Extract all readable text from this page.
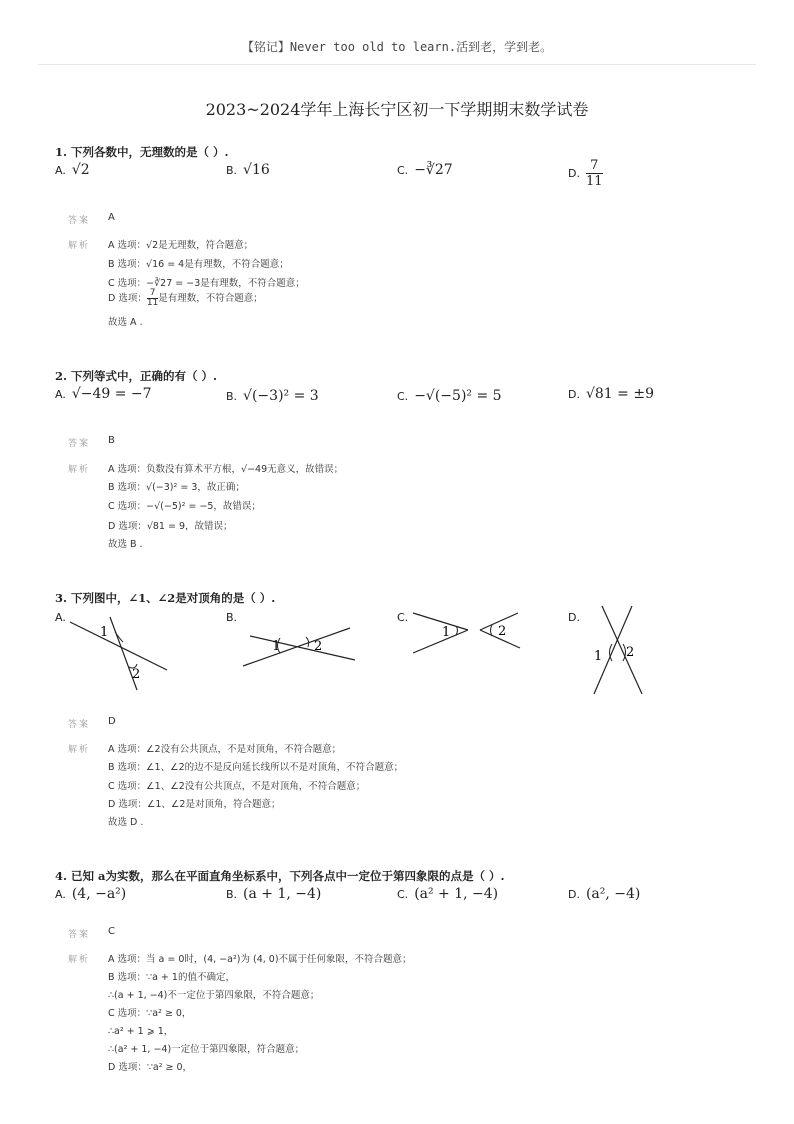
【铭记】Never too old to learn.活到老，学到老。
2023~2024学年上海长宁区初一下学期期末数学试卷
1. 下列各数中，无理数的是（ ）.
A. √2	B. √16	C. −∛27	D. $\frac{7}{11}$
答案 A
解析 A 选项：√2是无理数，符合题意；
B 选项：√16 = 4是有理数，不符合题意；
C 选项：−∛27 = −3是有理数，不符合题意；
D 选项： $\frac{7}{11}$ 是有理数，不符合题意；
故选 A .
2. 下列等式中，正确的有（ ）.
A. √−49 = −7	B. √(−3)² = 3	C. −√(−5)² = 5	D. √81 = ±9
答案 B
解析 A 选项：负数没有算术平方根，√−49无意义，故错误；
B 选项：√(−3)² = 3，故正确；
C 选项：−√(−5)² = −5，故错误；
D 选项：√81 = 9，故错误；
故选 B .
3. 下列图中，∠1、∠2是对顶角的是（ ）.
A.	B.	C.	D.
1
2
1	2
1	2
1 2
答案 D
解析 A 选项：∠2没有公共顶点，不是对顶角，不符合题意；
B 选项：∠1、∠2的边不是反向延长线所以不是对顶角，不符合题意；
C 选项：∠1、∠2没有公共顶点，不是对顶角，不符合题意；
D 选项：∠1、∠2是对顶角，符合题意；
故选 D .
4. 已知 a为实数，那么在平面直角坐标系中，下列各点中一定位于第四象限的点是（ ）.
A. (4, −a²)	B. (a + 1, −4)	C. (a² + 1, −4)	D. (a², −4)
答案 C
解析 A 选项：当 a = 0时，(4, −a²)为 (4, 0)不属于任何象限，不符合题意；
B 选项：∵a + 1的值不确定，
∴(a + 1, −4)不一定位于第四象限，不符合题意；
C 选项：∵a² ≥ 0，
∴a² + 1 ⩾ 1，
∴(a² + 1, −4)一定位于第四象限，符合题意；
D 选项：∵a² ≥ 0，
